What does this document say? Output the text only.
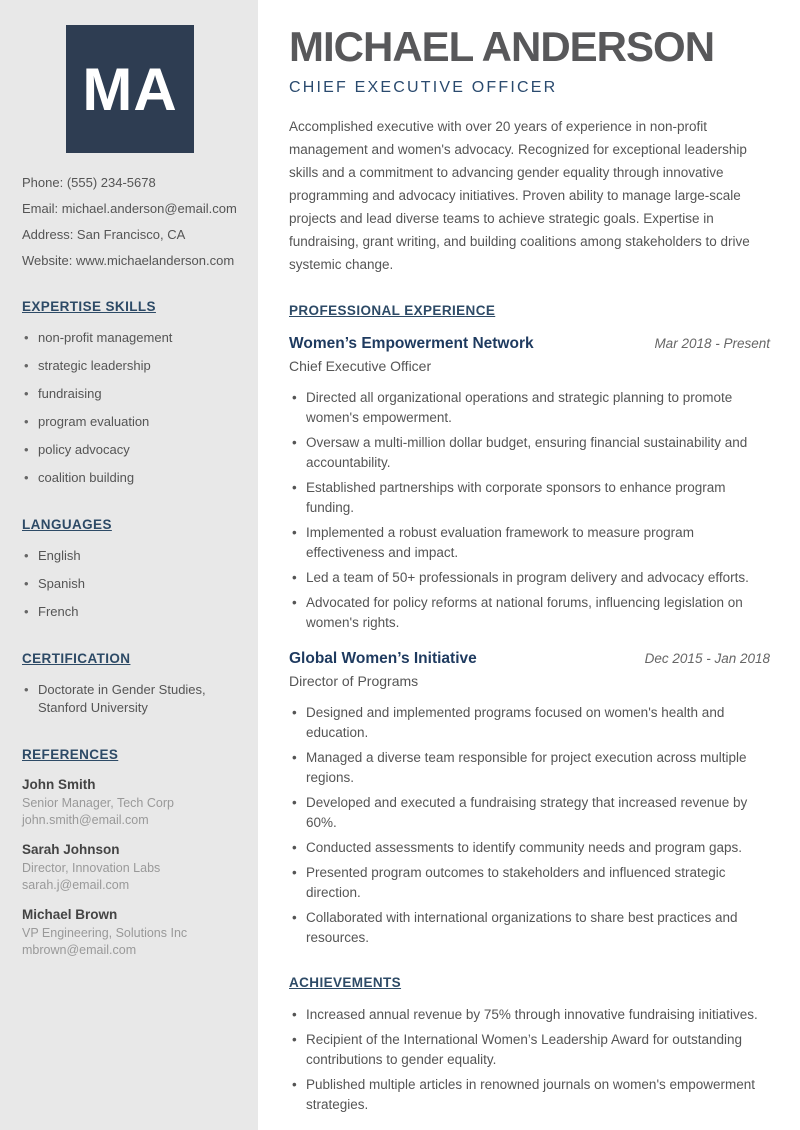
MA
Phone: (555) 234-5678
Email: michael.anderson@email.com
Address: San Francisco, CA
Website: www.michaelanderson.com
EXPERTISE SKILLS
• non-profit management
• strategic leadership
• fundraising
• program evaluation
• policy advocacy
• coalition building
LANGUAGES
• English
• Spanish
• French
CERTIFICATION
• Doctorate in Gender Studies, Stanford University
REFERENCES
John Smith
Senior Manager, Tech Corp
john.smith@email.com
Sarah Johnson
Director, Innovation Labs
sarah.j@email.com
Michael Brown
VP Engineering, Solutions Inc
mbrown@email.com
MICHAEL ANDERSON
CHIEF EXECUTIVE OFFICER

Accomplished executive with over 20 years of experience in non-profit management and women's advocacy. Recognized for exceptional leadership skills and a commitment to advancing gender equality through innovative programming and advocacy initiatives. Proven ability to manage large-scale projects and lead diverse teams to achieve strategic goals. Expertise in fundraising, grant writing, and building coalitions among stakeholders to drive systemic change.

PROFESSIONAL EXPERIENCE
Women’s Empowerment Network	Mar 2018 - Present
Chief Executive Officer
• Directed all organizational operations and strategic planning to promote women's empowerment.
• Oversaw a multi-million dollar budget, ensuring financial sustainability and accountability.
• Established partnerships with corporate sponsors to enhance program funding.
• Implemented a robust evaluation framework to measure program effectiveness and impact.
• Led a team of 50+ professionals in program delivery and advocacy efforts.
• Advocated for policy reforms at national forums, influencing legislation on women's rights.
Global Women’s Initiative	Dec 2015 - Jan 2018
Director of Programs
• Designed and implemented programs focused on women's health and education.
• Managed a diverse team responsible for project execution across multiple regions.
• Developed and executed a fundraising strategy that increased revenue by 60%.
• Conducted assessments to identify community needs and program gaps.
• Presented program outcomes to stakeholders and influenced strategic direction.
• Collaborated with international organizations to share best practices and resources.
ACHIEVEMENTS
• Increased annual revenue by 75% through innovative fundraising initiatives.
• Recipient of the International Women’s Leadership Award for outstanding contributions to gender equality.
• Published multiple articles in renowned journals on women's empowerment strategies.
